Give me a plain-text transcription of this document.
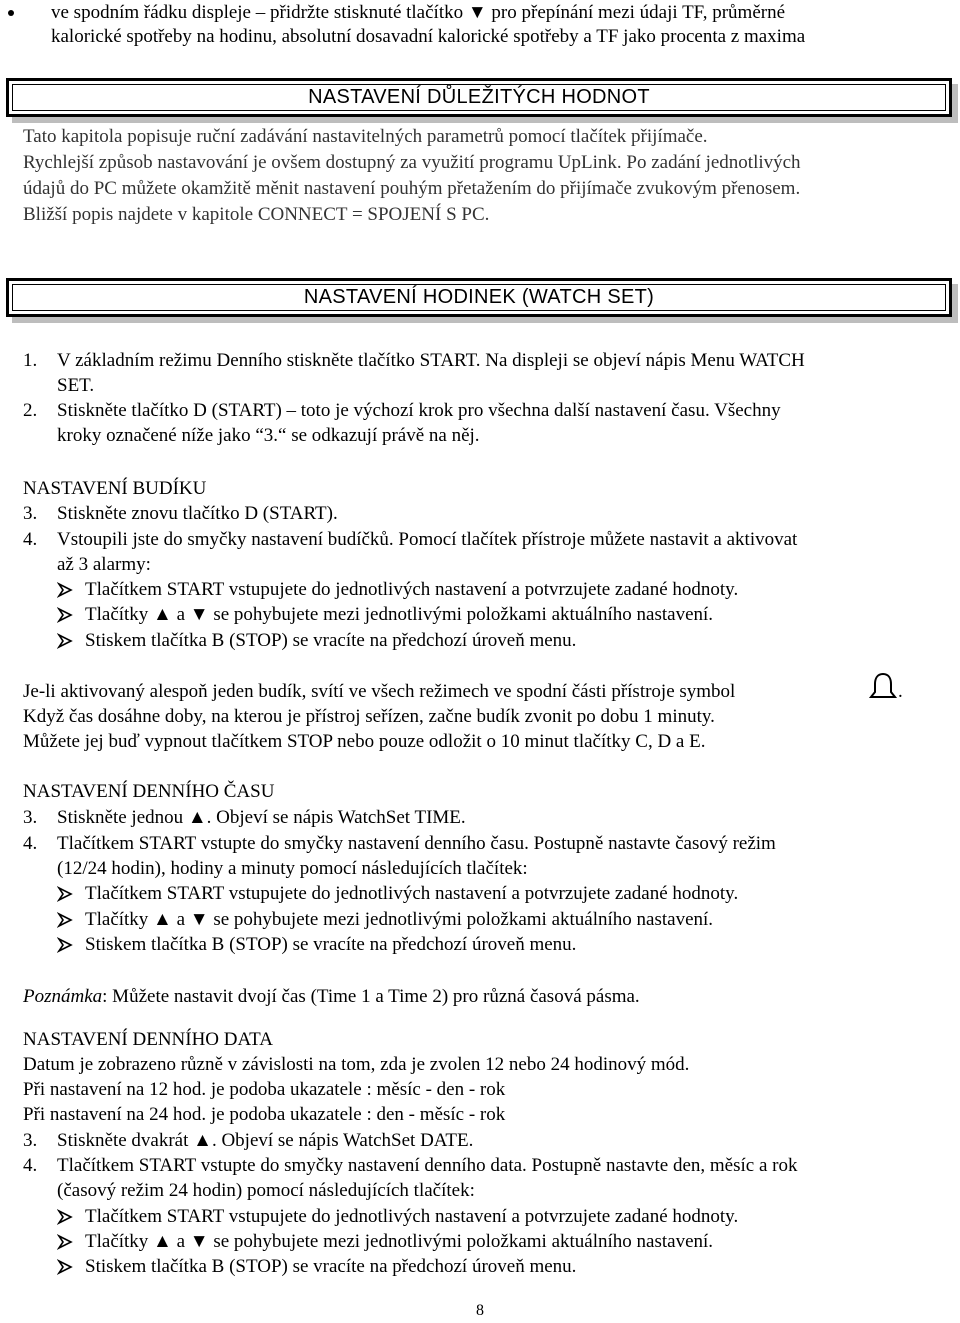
ve spodním řádku displeje – přidržte stisknuté tlačítko ▼ pro přepínání mezi údaji TF, průměrné
kalorické spotřeby na hodinu, absolutní dosavadní kalorické spotřeby a TF jako procenta z maxima
NASTAVENÍ DŮLEŽITÝCH HODNOT
Tato kapitola popisuje ruční zadávání nastavitelných parametrů pomocí tlačítek přijímače.
Rychlejší způsob nastavování je ovšem dostupný za využití programu UpLink. Po zadání jednotlivých
údajů do PC můžete okamžitě měnit nastavení pouhým přetažením do přijímače zvukovým přenosem.
Bližší popis najdete v kapitole CONNECT = SPOJENÍ S PC.
NASTAVENÍ HODINEK (WATCH SET)
1. V základním režimu Denního stiskněte tlačítko START. Na displeji se objeví nápis Menu WATCH
SET.
2. Stiskněte tlačítko D (START) – toto je výchozí krok pro všechna další nastavení času. Všechny
kroky označené níže jako “3.“ se odkazují právě na něj.
NASTAVENÍ BUDÍKU
3. Stiskněte znovu tlačítko D (START).
4. Vstoupili jste do smyčky nastavení budíčků. Pomocí tlačítek přístroje můžete nastavit a aktivovat
až 3 alarmy:
Tlačítkem START vstupujete do jednotlivých nastavení a potvrzujete zadané hodnoty.
Tlačítky ▲ a ▼ se pohybujete mezi jednotlivými položkami aktuálního nastavení.
Stiskem tlačítka B (STOP) se vracíte na předchozí úroveň menu.
Je-li aktivovaný alespoň jeden budík, svítí ve všech režimech ve spodní části přístroje symbol	.
Když čas dosáhne doby, na kterou je přístroj seřízen, začne budík zvonit po dobu 1 minuty.
Můžete jej buď vypnout tlačítkem STOP nebo pouze odložit o 10 minut tlačítky C, D a E.
NASTAVENÍ DENNÍHO ČASU
3. Stiskněte jednou ▲. Objeví se nápis WatchSet TIME.
4. Tlačítkem START vstupte do smyčky nastavení denního času. Postupně nastavte časový režim
(12/24 hodin), hodiny a minuty pomocí následujících tlačítek:
Tlačítkem START vstupujete do jednotlivých nastavení a potvrzujete zadané hodnoty.
Tlačítky ▲ a ▼ se pohybujete mezi jednotlivými položkami aktuálního nastavení.
Stiskem tlačítka B (STOP) se vracíte na předchozí úroveň menu.
Poznámka: Můžete nastavit dvojí čas (Time 1 a Time 2) pro různá časová pásma.
NASTAVENÍ DENNÍHO DATA
Datum je zobrazeno různě v závislosti na tom, zda je zvolen 12 nebo 24 hodinový mód.
Při nastavení na 12 hod. je podoba ukazatele : měsíc - den - rok
Při nastavení na 24 hod. je podoba ukazatele : den - měsíc - rok
3. Stiskněte dvakrát ▲. Objeví se nápis WatchSet DATE.
4. Tlačítkem START vstupte do smyčky nastavení denního data. Postupně nastavte den, měsíc a rok
(časový režim 24 hodin) pomocí následujících tlačítek:
Tlačítkem START vstupujete do jednotlivých nastavení a potvrzujete zadané hodnoty.
Tlačítky ▲ a ▼ se pohybujete mezi jednotlivými položkami aktuálního nastavení.
Stiskem tlačítka B (STOP) se vracíte na předchozí úroveň menu.
8
